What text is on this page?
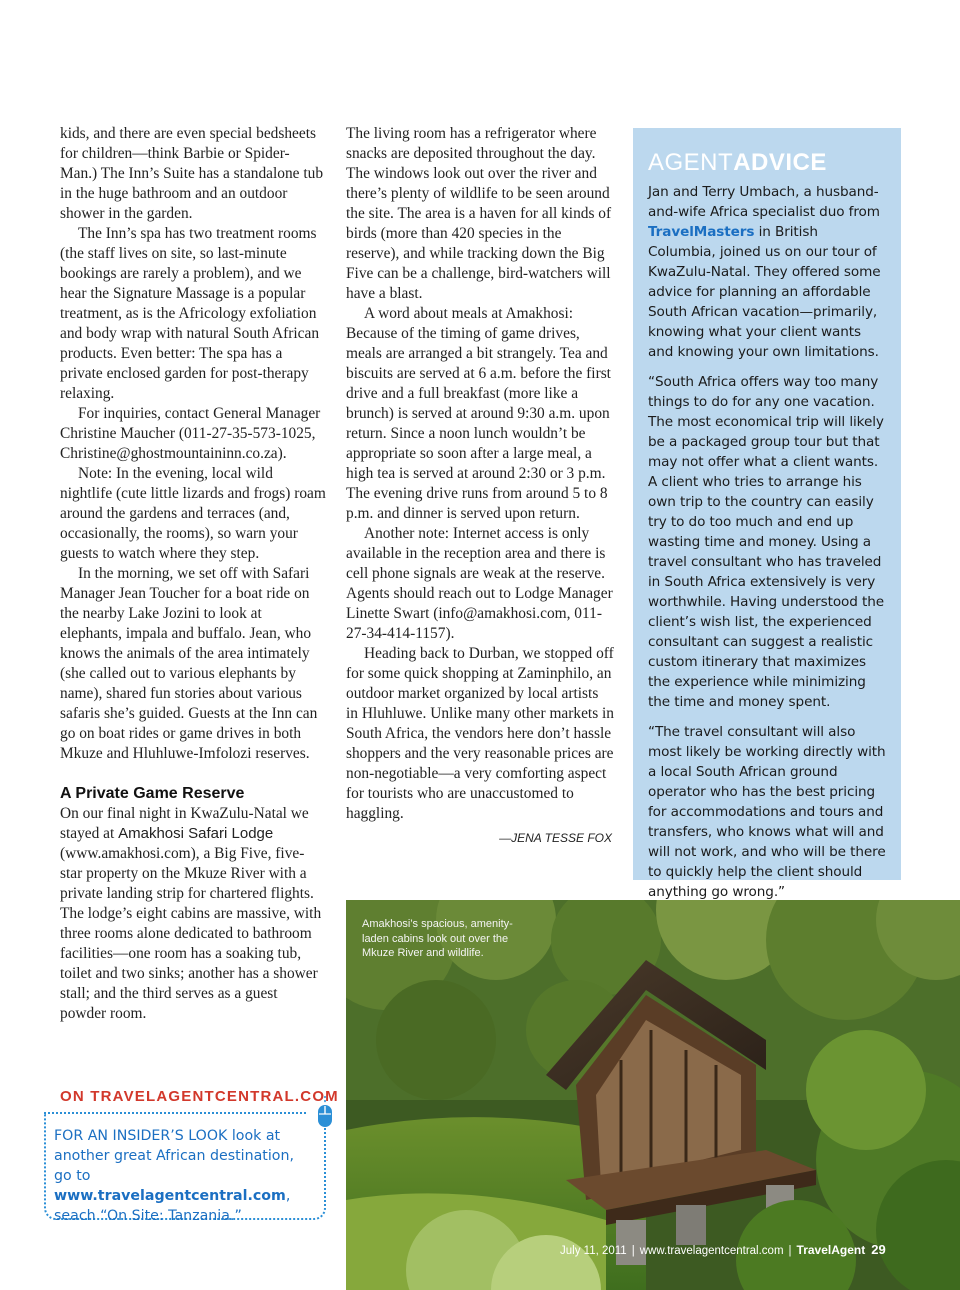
kids, and there are even special bedsheets for children—think Barbie or Spider-Man.) The Inn’s Suite has a standalone tub in the huge bathroom and an outdoor shower in the garden.

The Inn’s spa has two treatment rooms (the staff lives on site, so last-minute bookings are rarely a problem), and we hear the Signature Massage is a popular treatment, as is the Africology exfoliation and body wrap with natural South African products. Even better: The spa has a private enclosed garden for post-therapy relaxing.

For inquiries, contact General Manager Christine Maucher (011-27-35-573-1025, Christine@ghostmountaininn.co.za).

Note: In the evening, local wild nightlife (cute little lizards and frogs) roam around the gardens and terraces (and, occasionally, the rooms), so warn your guests to watch where they step.

In the morning, we set off with Safari Manager Jean Toucher for a boat ride on the nearby Lake Jozini to look at elephants, impala and buffalo. Jean, who knows the animals of the area intimately (she called out to various elephants by name), shared fun stories about various safaris she’s guided. Guests at the Inn can go on boat rides or game drives in both Mkuze and Hluhluwe-Imfolozi reserves.

A Private Game Reserve

On our final night in KwaZulu-Natal we stayed at Amakhosi Safari Lodge (www.amakhosi.com), a Big Five, five-star property on the Mkuze River with a private landing strip for chartered flights. The lodge’s eight cabins are massive, with three rooms alone dedicated to bathroom facilities—one room has a soaking tub, toilet and two sinks; another has a shower stall; and the third serves as a guest powder room.

The living room has a refrigerator where snacks are deposited throughout the day. The windows look out over the river and there’s plenty of wildlife to be seen around the site. The area is a haven for all kinds of birds (more than 420 species in the reserve), and while tracking down the Big Five can be a challenge, bird-watchers will have a blast.

A word about meals at Amakhosi: Because of the timing of game drives, meals are arranged a bit strangely. Tea and biscuits are served at 6 a.m. before the first drive and a full breakfast (more like a brunch) is served at around 9:30 a.m. upon return. Since a noon lunch wouldn’t be appropriate so soon after a large meal, a high tea is served at around 2:30 or 3 p.m. The evening drive runs from around 5 to 8 p.m. and dinner is served upon return.

Another note: Internet access is only available in the reception area and there is cell phone signals are weak at the reserve. Agents should reach out to Lodge Manager Linette Swart (info@amakhosi.com, 011-27-34-414-1157).

Heading back to Durban, we stopped off for some quick shopping at Zaminphilo, an outdoor market organized by local artists in Hluhluwe. Unlike many other markets in South Africa, the vendors here don’t hassle shoppers and the very reasonable prices are non-negotiable—a very comforting aspect for tourists who are unaccustomed to haggling.

—JENA TESSE FOX
AGENTADVICE

Jan and Terry Umbach, a husband-and-wife Africa specialist duo from TravelMasters in British Columbia, joined us on our tour of KwaZulu-Natal. They offered some advice for planning an affordable South African vacation—primarily, knowing what your client wants and knowing your own limitations.

“South Africa offers way too many things to do for any one vacation. The most economical trip will likely be a packaged group tour but that may not offer what a client wants. A client who tries to arrange his own trip to the country can easily try to do too much and end up wasting time and money. Using a travel consultant who has traveled in South Africa extensively is very worthwhile. Having understood the client’s wish list, the experienced consultant can suggest a realistic custom itinerary that maximizes the experience while minimizing the time and money spent.

“The travel consultant will also most likely be working directly with a local South African ground operator who has the best pricing for accommodations and tours and transfers, who knows what will and will not work, and who will be there to quickly help the client should anything go wrong.”

ON TRAVELAGENTCENTRAL.COM
FOR AN INSIDER’S LOOK look at another great African destination, go to www.travelagentcentral.com, seach “On Site: Tanzania.”
Amakhosi’s spacious, amenity-laden cabins look out over the Mkuze River and wildlife.
July 11, 2011 | www.travelagentcentral.com | TravelAgent 29
